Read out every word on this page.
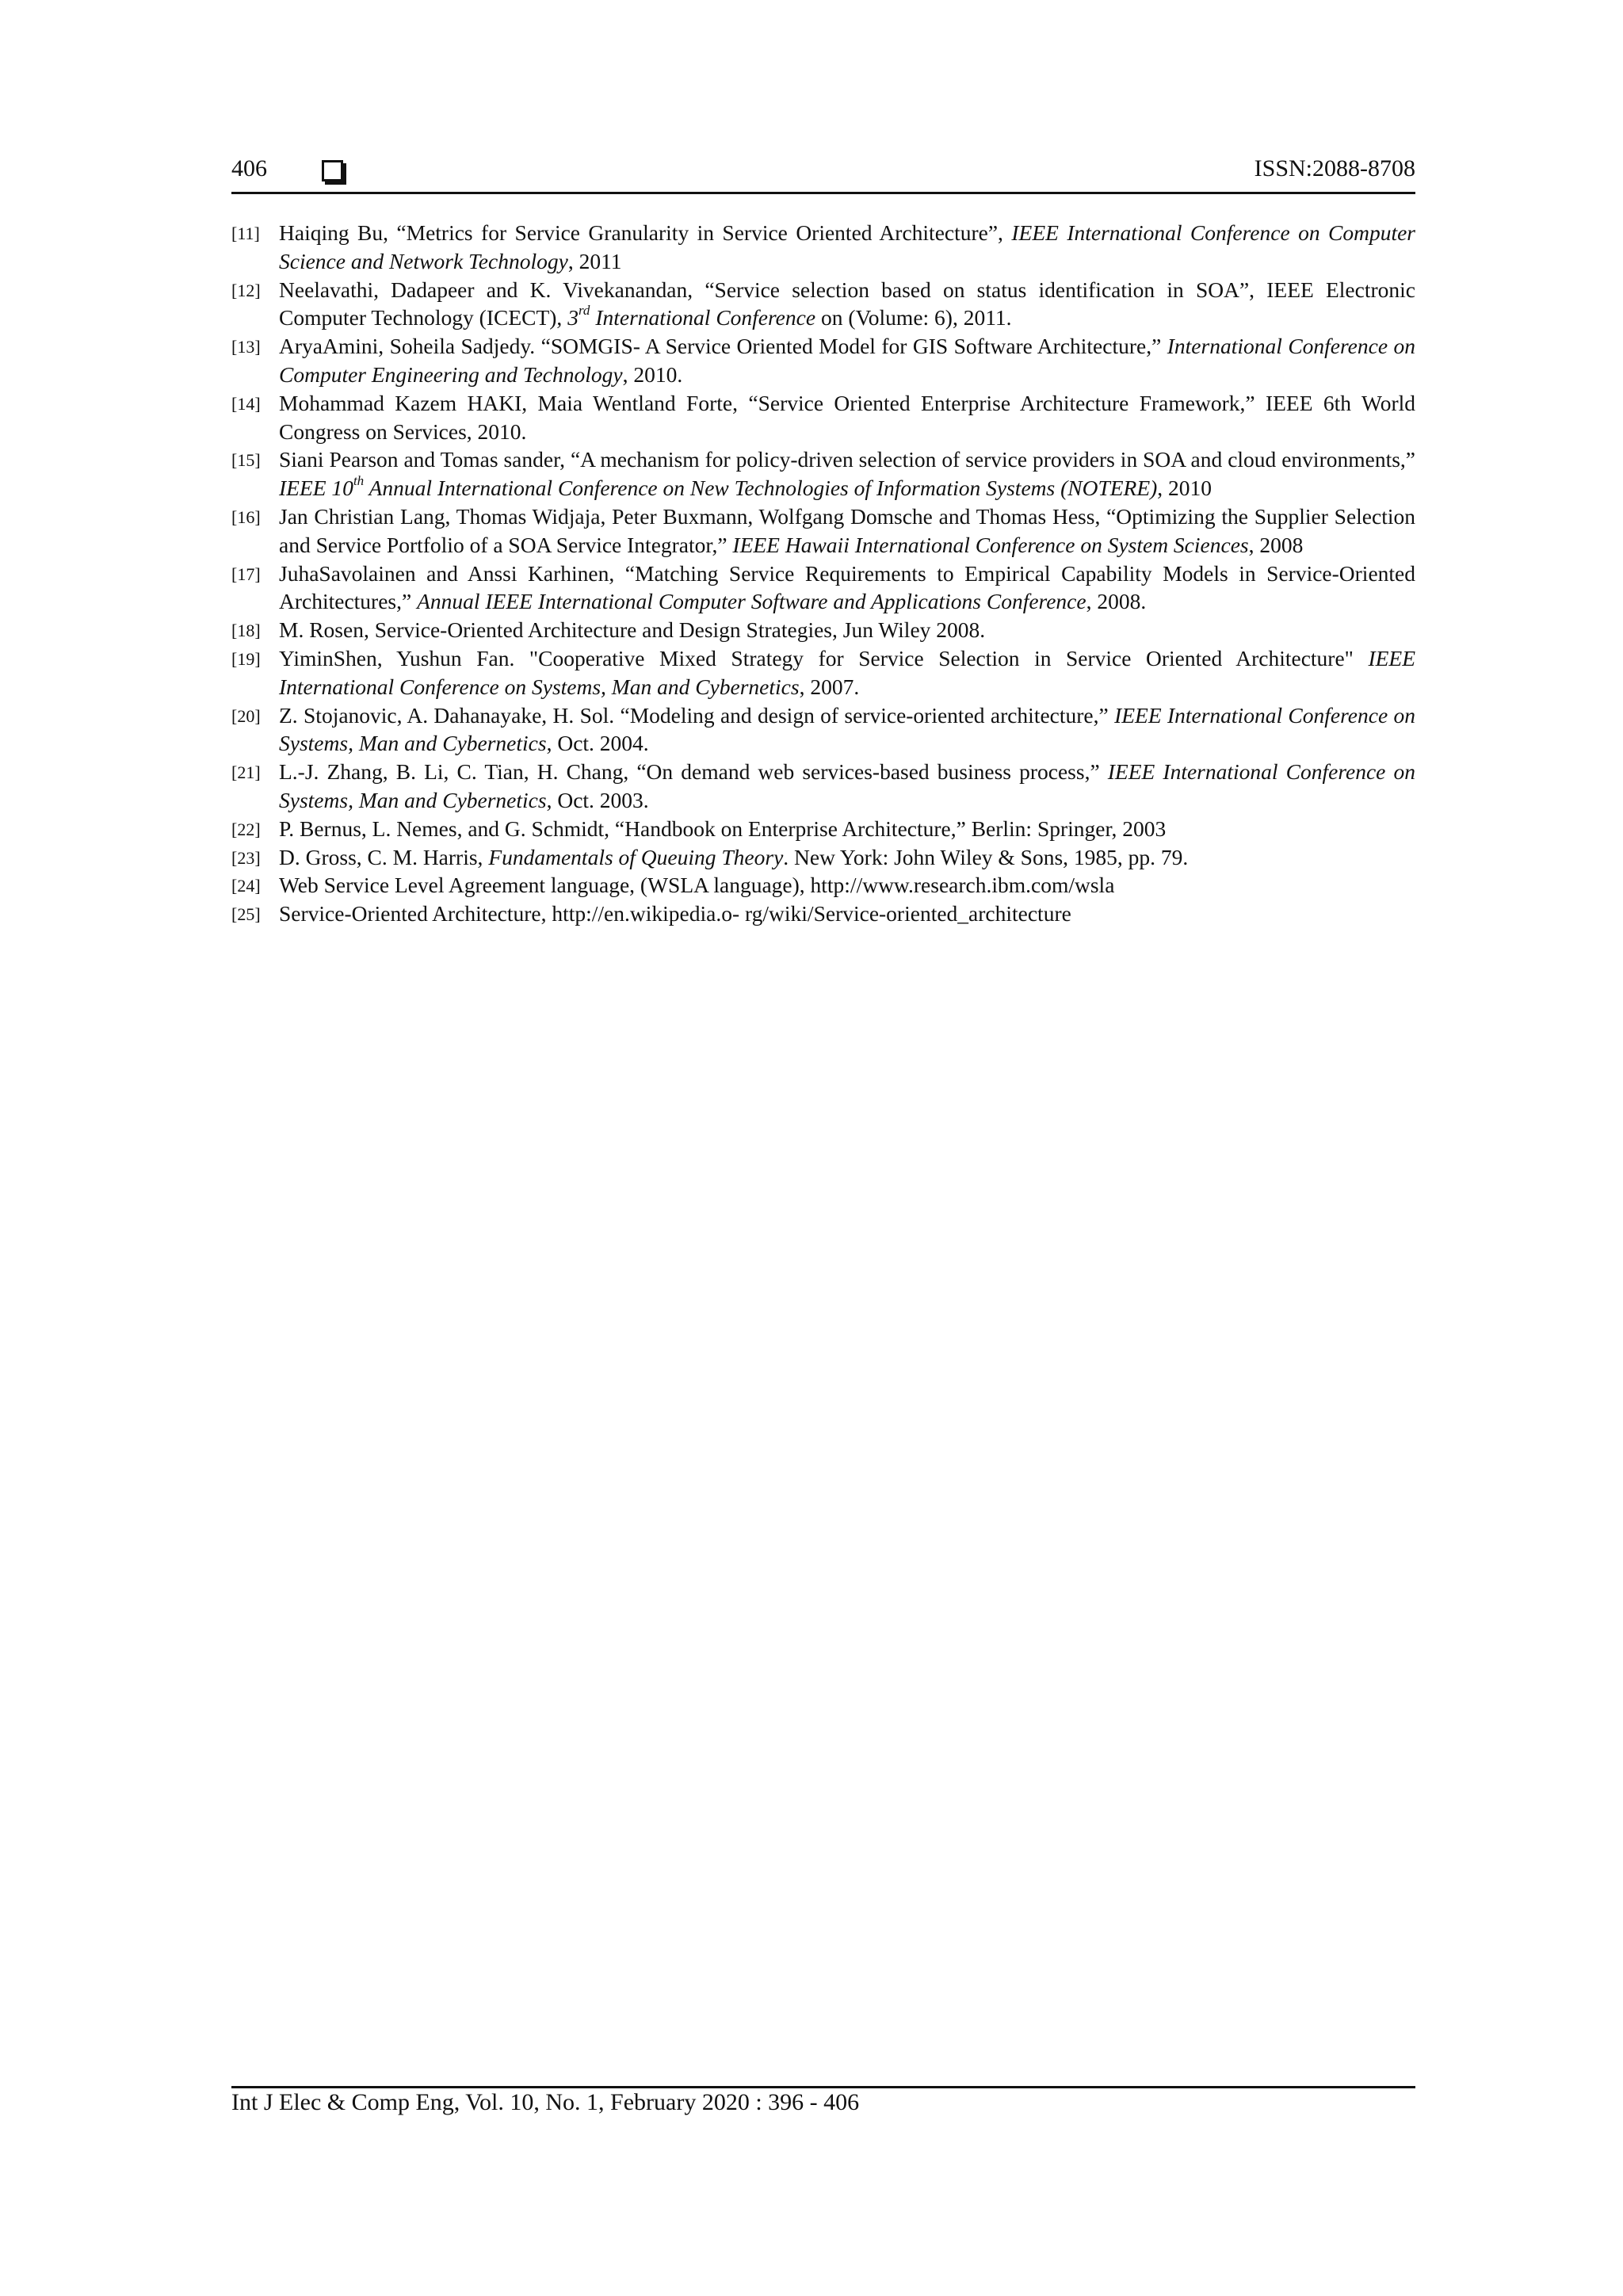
406	ISSN:2088-8708
[11] Haiqing Bu, “Metrics for Service Granularity in Service Oriented Architecture”, IEEE International Conference on Computer Science and Network Technology, 2011
[12] Neelavathi, Dadapeer and K. Vivekanandan, “Service selection based on status identification in SOA”, IEEE Electronic Computer Technology (ICECT), 3rd International Conference on (Volume: 6), 2011.
[13] AryaAmini, Soheila Sadjedy. “SOMGIS- A Service Oriented Model for GIS Software Architecture,” International Conference on Computer Engineering and Technology, 2010.
[14] Mohammad Kazem HAKI, Maia Wentland Forte, “Service Oriented Enterprise Architecture Framework,” IEEE 6th World Congress on Services, 2010.
[15] Siani Pearson and Tomas sander, “A mechanism for policy-driven selection of service providers in SOA and cloud environments,” IEEE 10th Annual International Conference on New Technologies of Information Systems (NOTERE), 2010
[16] Jan Christian Lang, Thomas Widjaja, Peter Buxmann, Wolfgang Domsche and Thomas Hess, “Optimizing the Supplier Selection and Service Portfolio of a SOA Service Integrator,” IEEE Hawaii International Conference on System Sciences, 2008
[17] JuhaSavolainen and Anssi Karhinen, “Matching Service Requirements to Empirical Capability Models in Service-Oriented Architectures,” Annual IEEE International Computer Software and Applications Conference, 2008.
[18] M. Rosen, Service-Oriented Architecture and Design Strategies, Jun Wiley 2008.
[19] YiminShen, Yushun Fan. "Cooperative Mixed Strategy for Service Selection in Service Oriented Architecture" IEEE International Conference on Systems, Man and Cybernetics, 2007.
[20] Z. Stojanovic, A. Dahanayake, H. Sol. “Modeling and design of service-oriented architecture,” IEEE International Conference on Systems, Man and Cybernetics, Oct. 2004.
[21] L.-J. Zhang, B. Li, C. Tian, H. Chang, “On demand web services-based business process,” IEEE International Conference on Systems, Man and Cybernetics, Oct. 2003.
[22] P. Bernus, L. Nemes, and G. Schmidt, “Handbook on Enterprise Architecture,” Berlin: Springer, 2003
[23] D. Gross, C. M. Harris, Fundamentals of Queuing Theory. New York: John Wiley & Sons, 1985, pp. 79.
[24] Web Service Level Agreement language, (WSLA language), http://www.research.ibm.com/wsla
[25] Service-Oriented Architecture, http://en.wikipedia.o- rg/wiki/Service-oriented_architecture
Int J Elec & Comp Eng, Vol. 10, No. 1, February 2020 : 396 - 406
